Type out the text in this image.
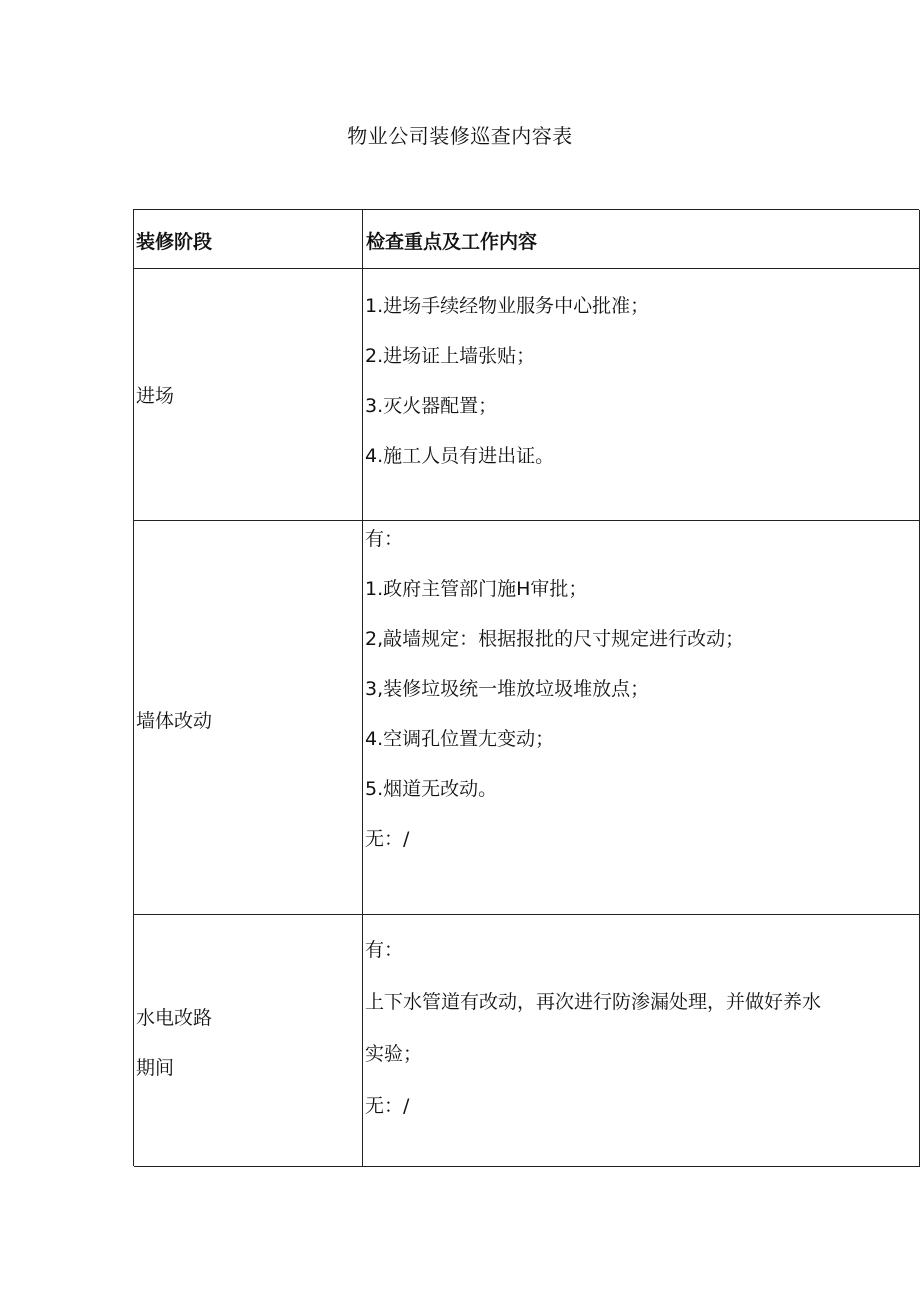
物业公司装修巡查内容表
装修阶段	检查重点及工作内容
进场
1.进场手续经物业服务中心批准；
2.进场证上墙张贴；
3.灭火器配置；
4.施工人员有进出证。
墙体改动
有：
1.政府主管部门施H审批；
2,敲墙规定：根据报批的尺寸规定进行改动；
3,装修垃圾统一堆放垃圾堆放点；
4.空调孔位置尢变动；
5.烟道无改动。
无：/
水电改路
期间
有：
上下水管道有改动，再次进行防渗漏处理，并做好养水
实验；
无：/
